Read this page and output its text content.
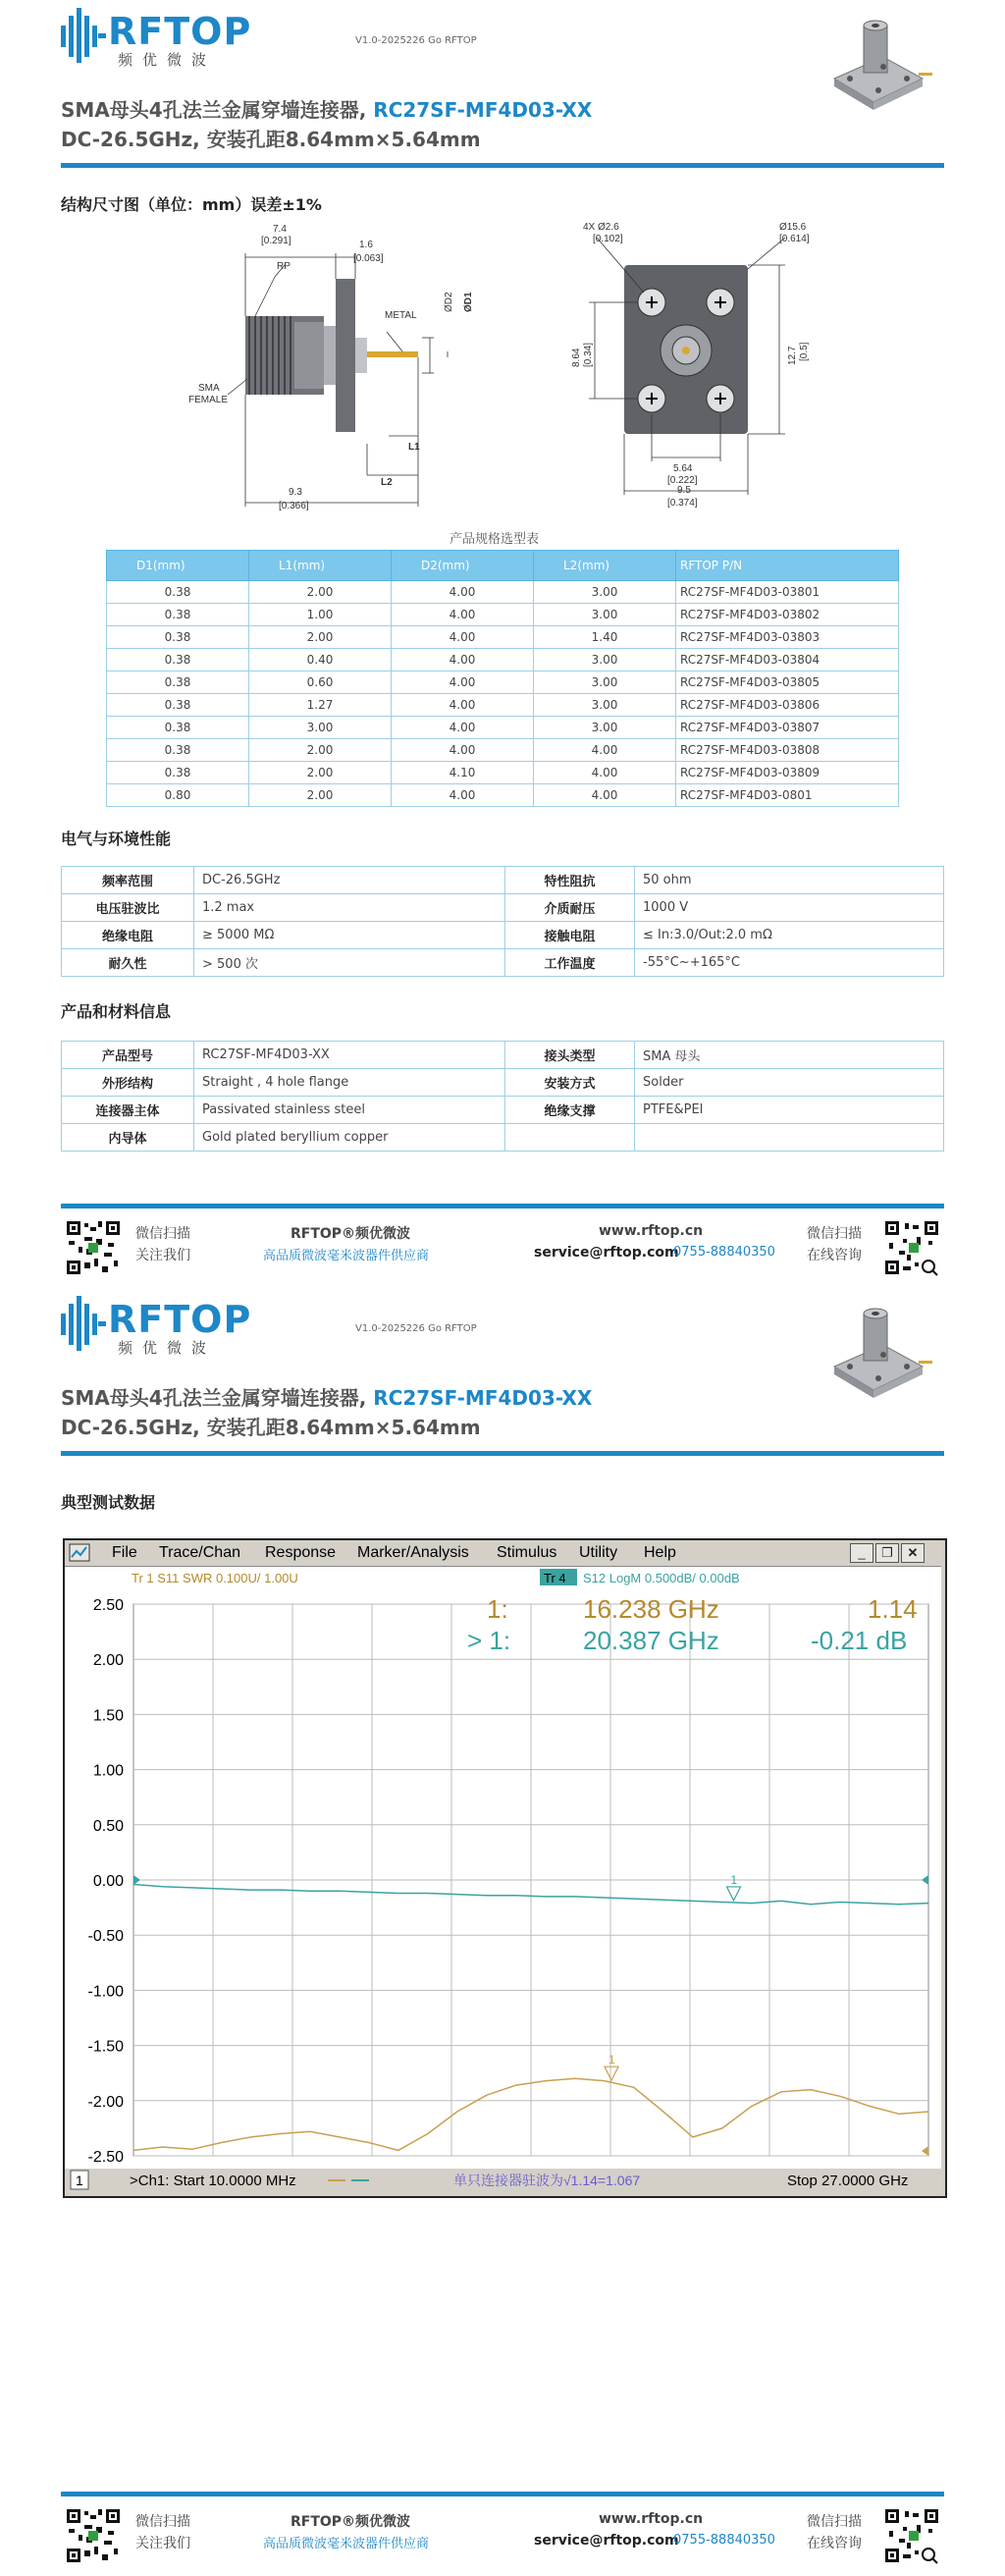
RFTOP
频优微波
V1.0-2025226 Go RFTOP
SMA母头4孔法兰金属穿墙连接器, RC27SF-MF4D03-XX
DC-26.5GHz, 安装孔距8.64mm×5.64mm
结构尺寸图（单位：mm）误差±1%
7.4
[0.291]
RP
1.6
[0.063]
METAL
ØD2 ØD1
SMA
FEMALE
L1
L2
9.3
[0.366]
4X Ø2.6
[0.102]
Ø15.6
[0.614]
8.64 [0.34]	12.7 [0.5]
5.64
[0.222]
9.5
[0.374]
产品规格选型表
D1(mm)	L1(mm)	D2(mm)	L2(mm)	RFTOP P/N
0.38	2.00	4.00	3.00	RC27SF-MF4D03-03801
0.38	1.00	4.00	3.00	RC27SF-MF4D03-03802
0.38	2.00	4.00	1.40	RC27SF-MF4D03-03803
0.38	0.40	4.00	3.00	RC27SF-MF4D03-03804
0.38	0.60	4.00	3.00	RC27SF-MF4D03-03805
0.38	1.27	4.00	3.00	RC27SF-MF4D03-03806
0.38	3.00	4.00	3.00	RC27SF-MF4D03-03807
0.38	2.00	4.00	4.00	RC27SF-MF4D03-03808
0.38	2.00	4.10	4.00	RC27SF-MF4D03-03809
0.80	2.00	4.00	4.00	RC27SF-MF4D03-0801
电气与环境性能
频率范围	DC-26.5GHz	特性阻抗	50 ohm
电压驻波比	1.2 max	介质耐压	1000 V
绝缘电阻	≥ 5000 MΩ	接触电阻	≤ In:3.0/Out:2.0 mΩ
耐久性	> 500 次	工作温度	-55°C~+165°C
产品和材料信息
产品型号	RC27SF-MF4D03-XX	接头类型	SMA 母头
外形结构	Straight , 4 hole flange	安装方式	Solder
连接器主体	Passivated stainless steel	绝缘支撑	PTFE&PEI
内导体	Gold plated beryllium copper		
微信扫描
关注我们
RFTOP®频优微波
高品质微波毫米波器件供应商
www.rftop.cn
service@rftop.com
0755-88840350
微信扫描
在线咨询
RFTOP
频优微波
V1.0-2025226 Go RFTOP
SMA母头4孔法兰金属穿墙连接器, RC27SF-MF4D03-XX
DC-26.5GHz, 安装孔距8.64mm×5.64mm
典型测试数据
微信扫描
关注我们
RFTOP®频优微波
高品质微波毫米波器件供应商
www.rftop.cn
service@rftop.com
0755-88840350
微信扫描
在线咨询
File Trace/Chan Response Marker/Analysis Stimulus Utility Help	_	❐	✕
2.50
2.00
1.50
1.00
0.50
0.00
-0.50
-1.00
-1.50
-2.00
-2.50
1
1
Tr 1 S11 SWR 0.100U/ 1.00U	Tr 4 S12 LogM 0.500dB/ 0.00dB
1:	16.238 GHz	1.14
> 1:	20.387 GHz	-0.21 dB
1	>Ch1: Start 10.0000 MHz	单只连接器驻波为√1.14=1.067	Stop 27.0000 GHz
